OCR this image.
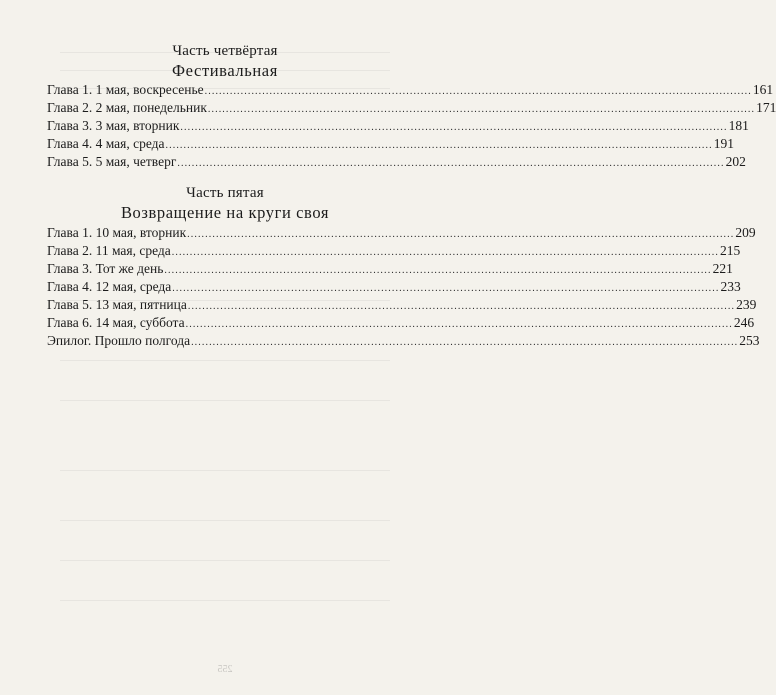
Часть четвёртая
Фестивальная
Глава 1. 1 мая, воскресенье ........................................................................................................................................................ 161
Глава 2. 2 мая, понедельник ........................................................................................................................................................ 171
Глава 3. 3 мая, вторник ........................................................................................................................................................ 181
Глава 4. 4 мая, среда ........................................................................................................................................................ 191
Глава 5. 5 мая, четверг ........................................................................................................................................................ 202
Часть пятая
Возвращение на круги своя
Глава 1. 10 мая, вторник ........................................................................................................................................................ 209
Глава 2. 11 мая, среда ........................................................................................................................................................ 215
Глава 3. Тот же день ........................................................................................................................................................ 221
Глава 4. 12 мая, среда ........................................................................................................................................................ 233
Глава 5. 13 мая, пятница ........................................................................................................................................................ 239
Глава 6. 14 мая, суббота ........................................................................................................................................................ 246
Эпилог. Прошло полгода ........................................................................................................................................................ 253
255
